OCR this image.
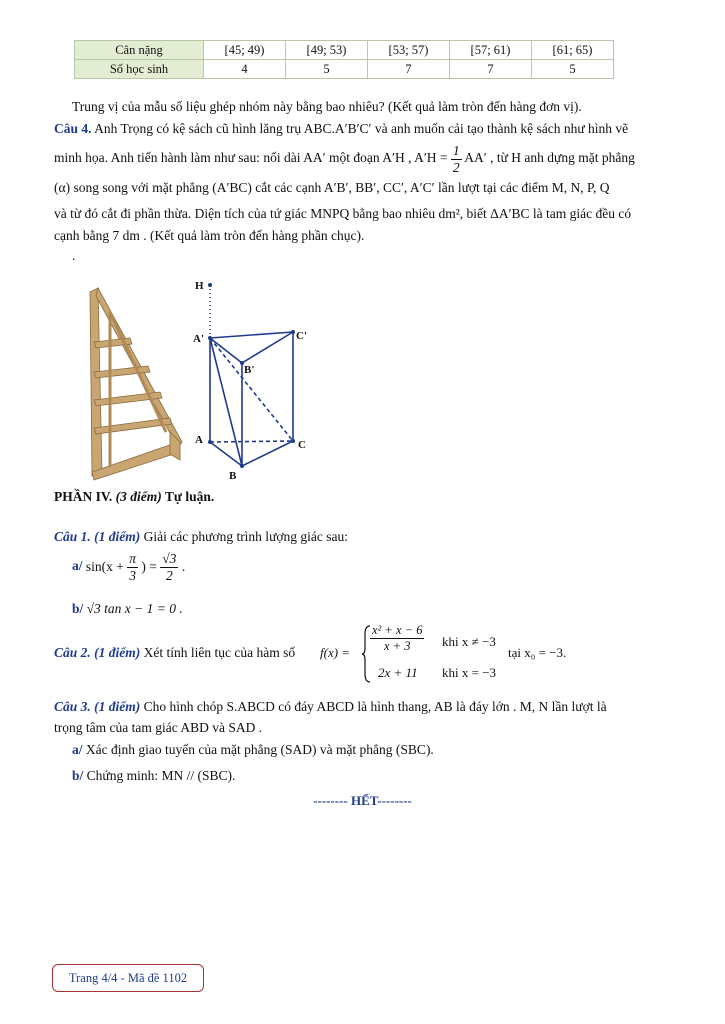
Cân nặng	[45; 49)	[49; 53)	[53; 57)	[57; 61)	[61; 65)
Số học sinh	4	5	7	7	5
Trung vị của mẫu số liệu ghép nhóm này bằng bao nhiêu? (Kết quả làm tròn đến hàng đơn vị).
Câu 4. Anh Trọng có kệ sách cũ hình lăng trụ ABC.A′B′C′ và anh muốn cải tạo thành kệ sách như hình vẽ
minh họa. Anh tiến hành làm như sau: nối dài AA′ một đoạn A′H , $A'H = \frac{1}{2} AA'$ , từ H anh dựng mặt phẳng
(α) song song với mặt phẳng (A′BC) cắt các cạnh A′B′, BB′, CC′, A′C′ lần lượt tại các điểm M, N, P, Q
và từ đó cắt đi phần thừa. Diện tích của tứ giác MNPQ bằng bao nhiêu dm², biết ΔA′BC là tam giác đều có
cạnh bằng 7 dm . (Kết quả làm tròn đến hàng phần chục).
.
H
A'	C'
B'
A	C
B
PHẦN IV. (3 điểm) Tự luận.
Câu 1. (1 điểm) Giải các phương trình lượng giác sau:
a/ $\sin(x + \frac{\pi}{3}$ ) = $\frac{√3}{2}$ .
b/ √3 tan x − 1 = 0 .
Câu 2. (1 điểm) Xét tính liên tục của hàm số f(x) =
$\frac{\text{x² + x − 6}}{x + 3}$ khi x ≠ −3
2x + 11 khi x = −3
tại x₀ = −3.
Câu 3. (1 điểm) Cho hình chóp S.ABCD có đáy ABCD là hình thang, AB là đáy lớn . M, N lần lượt là
trọng tâm của tam giác ABD và SAD .
a/ Xác định giao tuyến của mặt phẳng (SAD) và mặt phẳng (SBC).
b/ Chứng minh: MN // (SBC).
-------- HẾT--------
Trang 4/4 - Mã đề 1102
